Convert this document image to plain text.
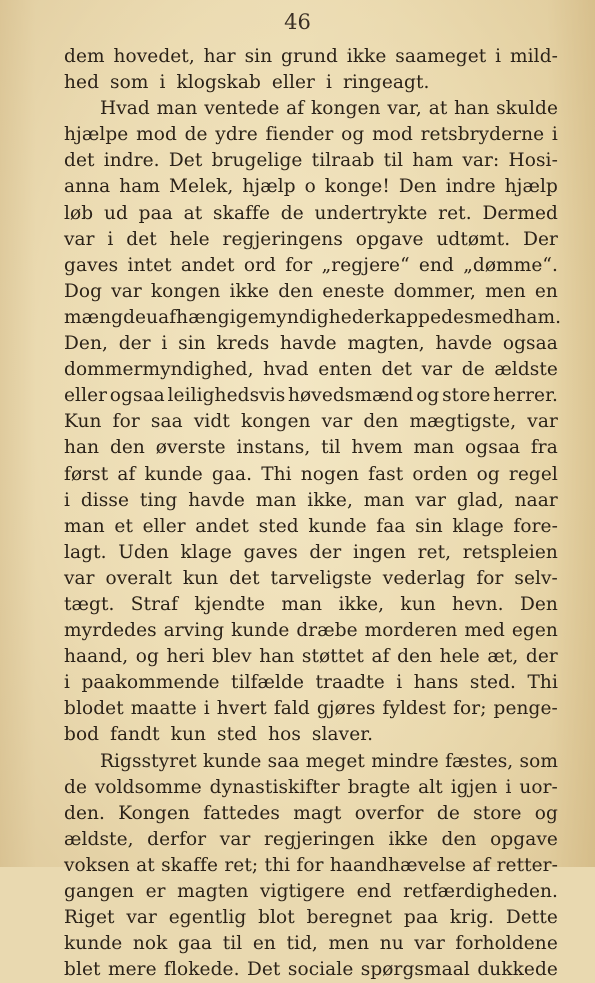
46
dem hovedet, har sin grund ikke saameget i mild-
hed som i klogskab eller i ringeagt.
Hvad man ventede af kongen var, at han skulde
hjælpe mod de ydre fiender og mod retsbryderne i
det indre. Det brugelige tilraab til ham var: Hosi-
anna ham Melek, hjælp o konge! Den indre hjælp
løb ud paa at skaffe de undertrykte ret. Dermed
var i det hele regjeringens opgave udtømt. Der
gaves intet andet ord for „regjere“ end „dømme“.
Dog var kongen ikke den eneste dommer, men en
mængde uafhængige myndigheder kappedes med ham.
Den, der i sin kreds havde magten, havde ogsaa
dommermyndighed, hvad enten det var de ældste
eller ogsaa leilighedsvis høvedsmænd og store herrer.
Kun for saa vidt kongen var den mægtigste, var
han den øverste instans, til hvem man ogsaa fra
først af kunde gaa. Thi nogen fast orden og regel
i disse ting havde man ikke, man var glad, naar
man et eller andet sted kunde faa sin klage fore-
lagt. Uden klage gaves der ingen ret, retspleien
var overalt kun det tarveligste vederlag for selv-
tægt. Straf kjendte man ikke, kun hevn. Den
myrdedes arving kunde dræbe morderen med egen
haand, og heri blev han støttet af den hele æt, der
i paakommende tilfælde traadte i hans sted. Thi
blodet maatte i hvert fald gjøres fyldest for; penge-
bod fandt kun sted hos slaver.
Rigsstyret kunde saa meget mindre fæstes, som
de voldsomme dynastiskifter bragte alt igjen i uor-
den. Kongen fattedes magt overfor de store og
ældste, derfor var regjeringen ikke den opgave
voksen at skaffe ret; thi for haandhævelse af retter-
gangen er magten vigtigere end retfærdigheden.
Riget var egentlig blot beregnet paa krig. Dette
kunde nok gaa til en tid, men nu var forholdene
blet mere flokede. Det sociale spørgsmaal dukkede
